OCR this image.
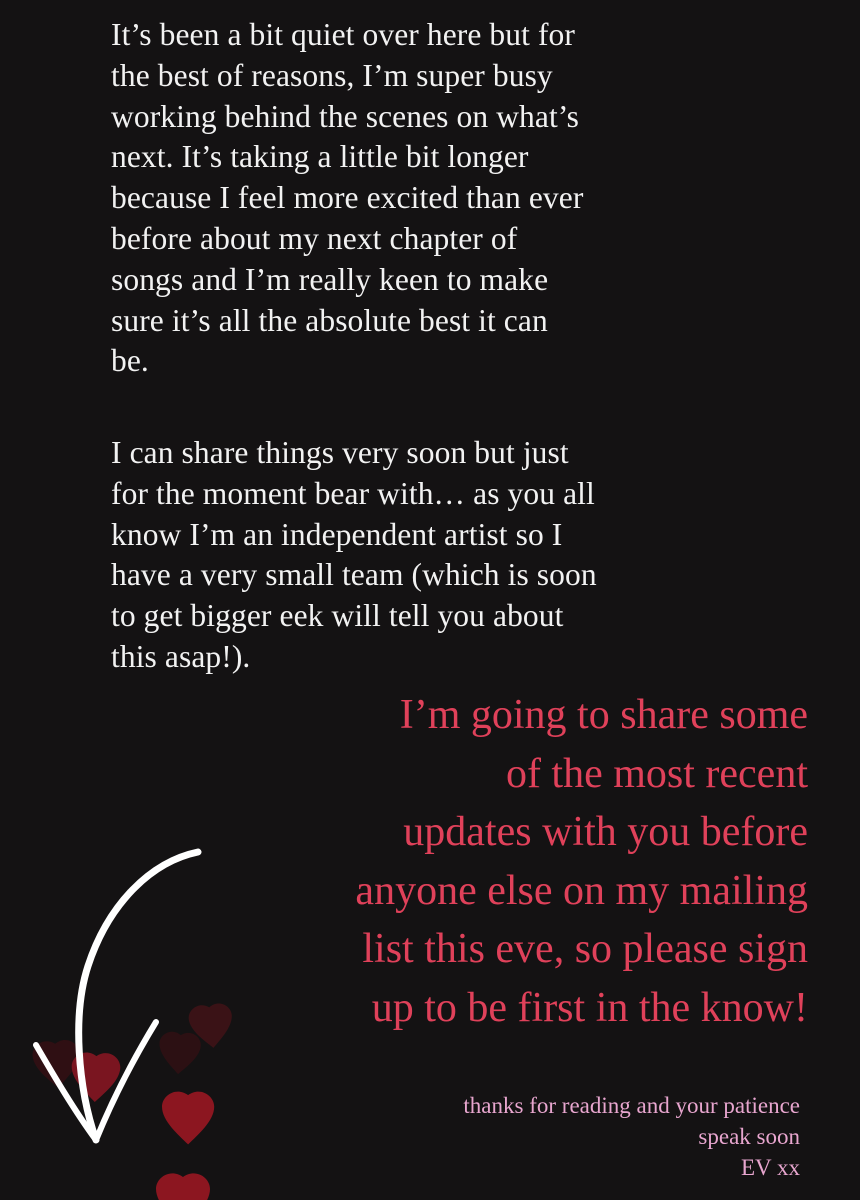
It’s been a bit quiet over here but for
the best of reasons, I’m super busy
working behind the scenes on what’s
next. It’s taking a little bit longer
because I feel more excited than ever
before about my next chapter of
songs and I’m really keen to make
sure it’s all the absolute best it can
be.
I can share things very soon but just
for the moment bear with… as you all
know I’m an independent artist so I
have a very small team (which is soon
to get bigger eek will tell you about
this asap!).
I’m going to share some
of the most recent
updates with you before
anyone else on my mailing
list this eve, so please sign
up to be first in the know!
thanks for reading and your patience
speak soon
EV xx
